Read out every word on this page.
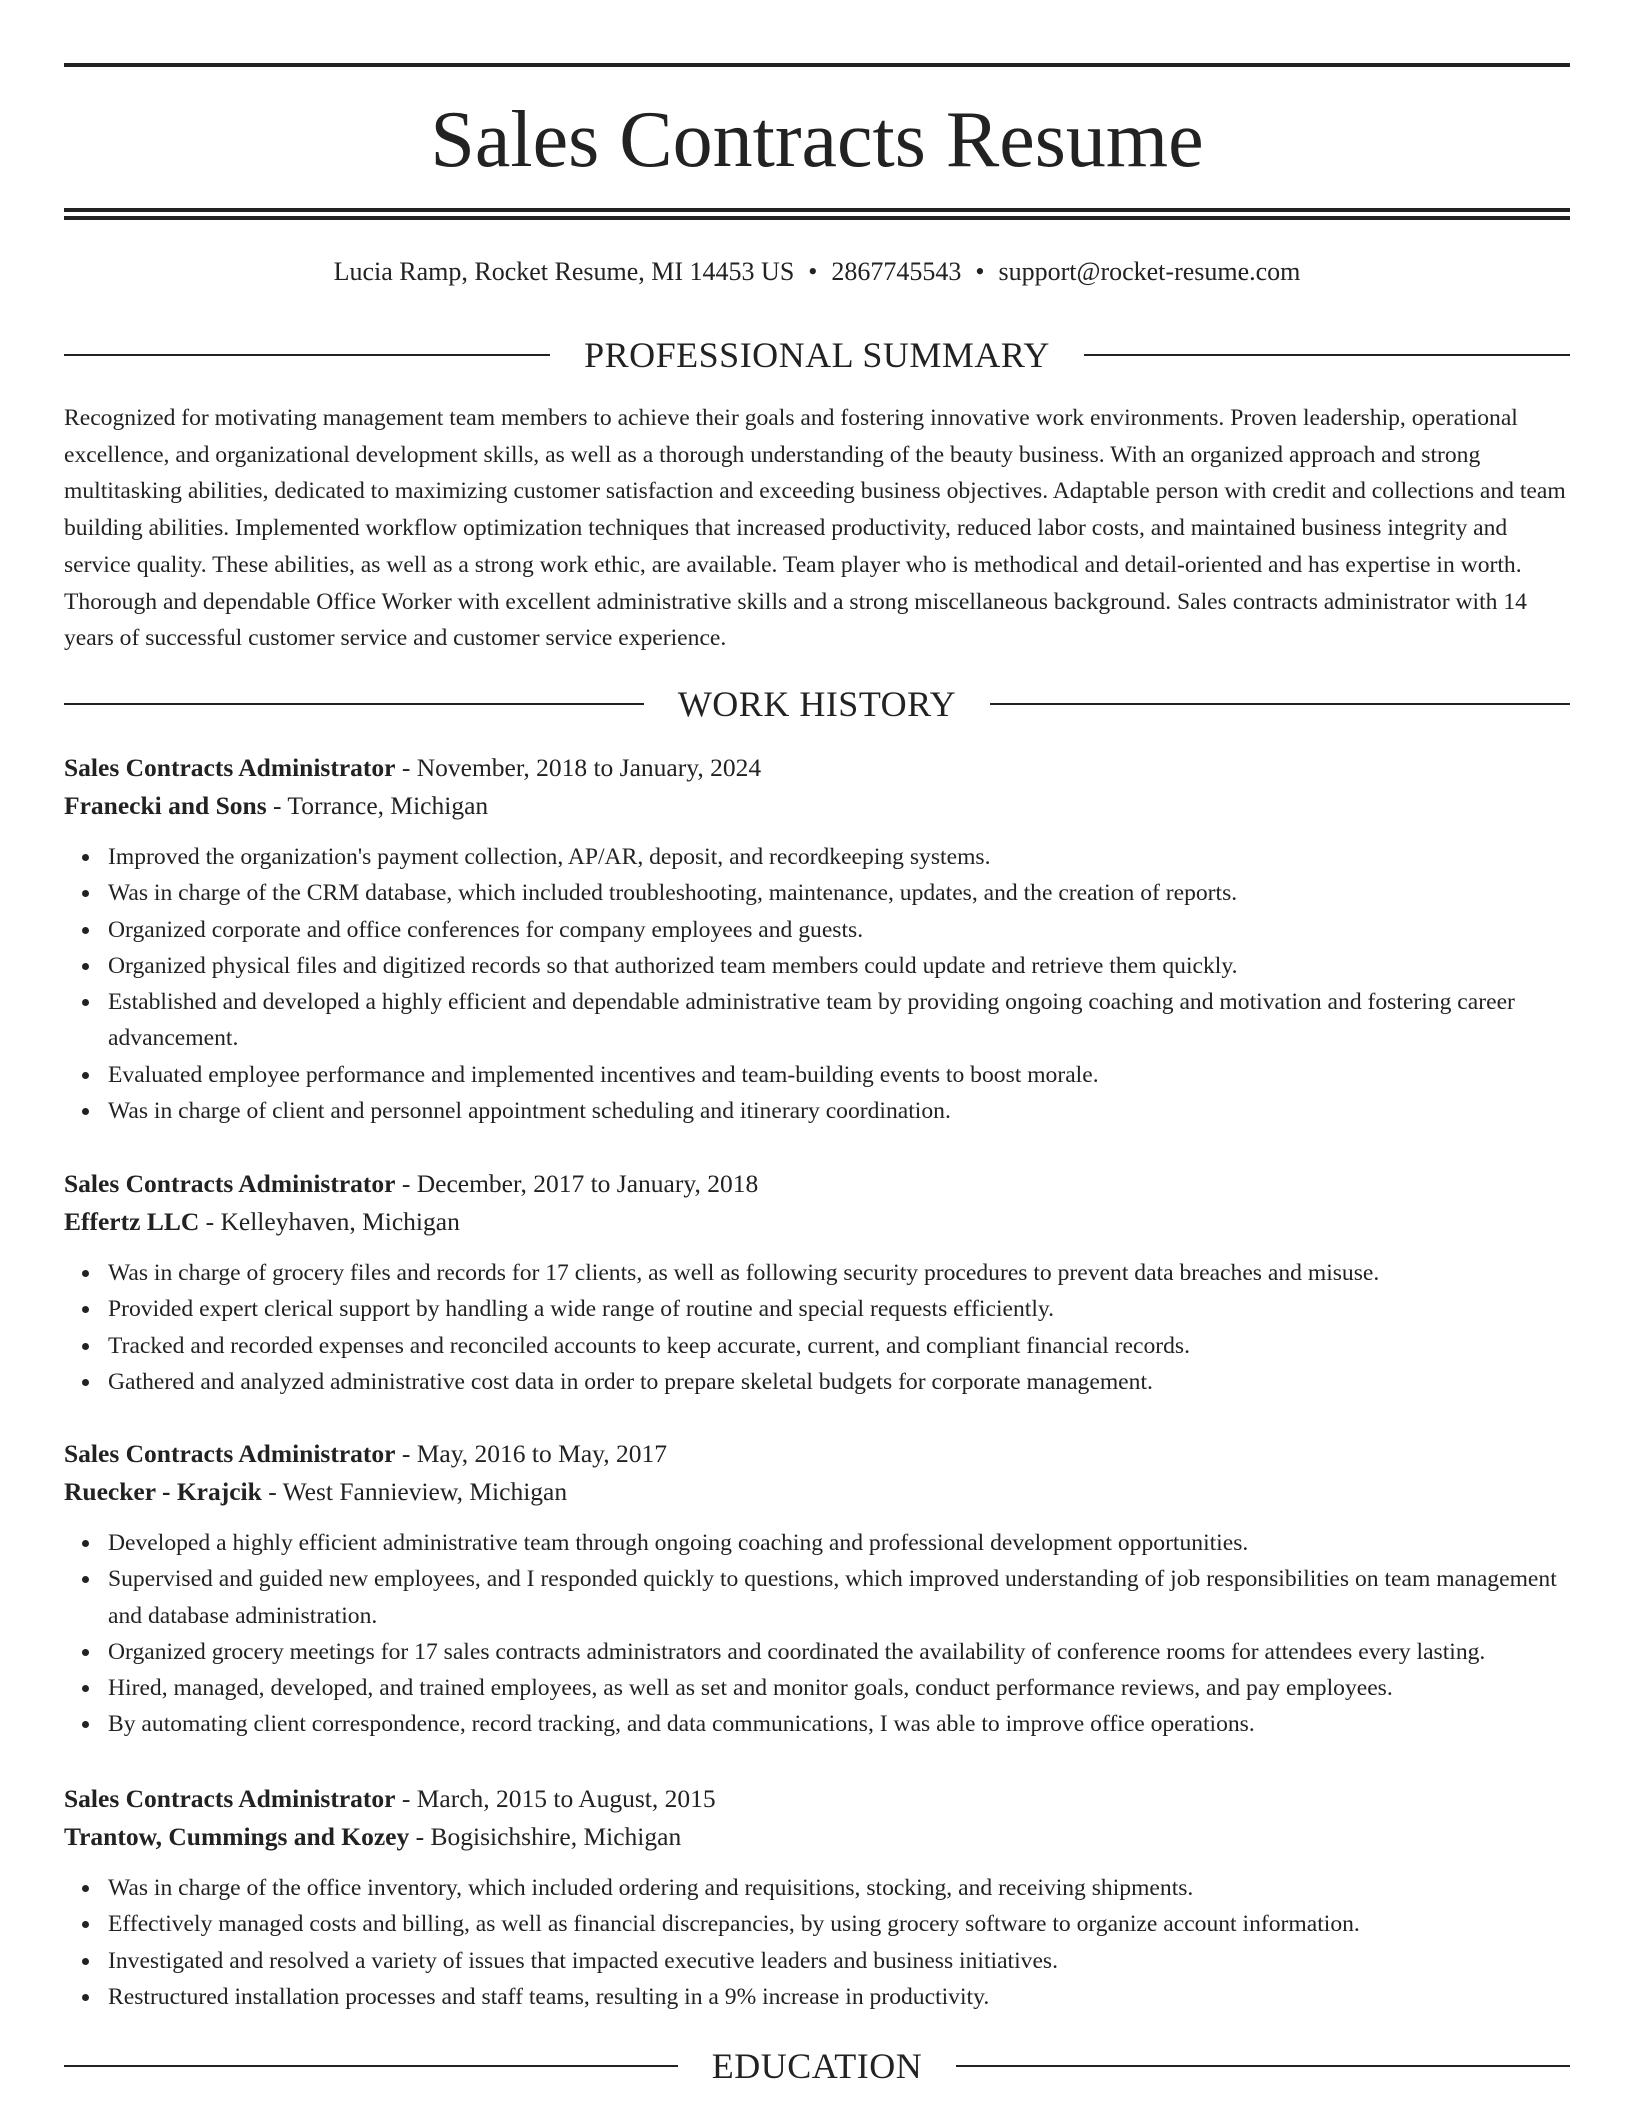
Sales Contracts Resume
Lucia Ramp, Rocket Resume, MI 14453 US • 2867745543 • support@rocket-resume.com
PROFESSIONAL SUMMARY

Recognized for motivating management team members to achieve their goals and fostering innovative work environments. Proven leadership, operational excellence, and organizational development skills, as well as a thorough understanding of the beauty business. With an organized approach and strong multitasking abilities, dedicated to maximizing customer satisfaction and exceeding business objectives. Adaptable person with credit and collections and team building abilities. Implemented workflow optimization techniques that increased productivity, reduced labor costs, and maintained business integrity and service quality. These abilities, as well as a strong work ethic, are available. Team player who is methodical and detail-oriented and has expertise in worth. Thorough and dependable Office Worker with excellent administrative skills and a strong miscellaneous background. Sales contracts administrator with 14 years of successful customer service and customer service experience.

WORK HISTORY
Sales Contracts Administrator - November, 2018 to January, 2024
Franecki and Sons - Torrance, Michigan
Improved the organization's payment collection, AP/AR, deposit, and recordkeeping systems.
Was in charge of the CRM database, which included troubleshooting, maintenance, updates, and the creation of reports.
Organized corporate and office conferences for company employees and guests.
Organized physical files and digitized records so that authorized team members could update and retrieve them quickly.
Established and developed a highly efficient and dependable administrative team by providing ongoing coaching and motivation and fostering career advancement.
Evaluated employee performance and implemented incentives and team-building events to boost morale.
Was in charge of client and personnel appointment scheduling and itinerary coordination.
Sales Contracts Administrator - December, 2017 to January, 2018
Effertz LLC - Kelleyhaven, Michigan
Was in charge of grocery files and records for 17 clients, as well as following security procedures to prevent data breaches and misuse.
Provided expert clerical support by handling a wide range of routine and special requests efficiently.
Tracked and recorded expenses and reconciled accounts to keep accurate, current, and compliant financial records.
Gathered and analyzed administrative cost data in order to prepare skeletal budgets for corporate management.
Sales Contracts Administrator - May, 2016 to May, 2017
Ruecker - Krajcik - West Fannieview, Michigan
Developed a highly efficient administrative team through ongoing coaching and professional development opportunities.
Supervised and guided new employees, and I responded quickly to questions, which improved understanding of job responsibilities on team management and database administration.
Organized grocery meetings for 17 sales contracts administrators and coordinated the availability of conference rooms for attendees every lasting.
Hired, managed, developed, and trained employees, as well as set and monitor goals, conduct performance reviews, and pay employees.
By automating client correspondence, record tracking, and data communications, I was able to improve office operations.
Sales Contracts Administrator - March, 2015 to August, 2015
Trantow, Cummings and Kozey - Bogisichshire, Michigan
Was in charge of the office inventory, which included ordering and requisitions, stocking, and receiving shipments.
Effectively managed costs and billing, as well as financial discrepancies, by using grocery software to organize account information.
Investigated and resolved a variety of issues that impacted executive leaders and business initiatives.
Restructured installation processes and staff teams, resulting in a 9% increase in productivity.
EDUCATION
